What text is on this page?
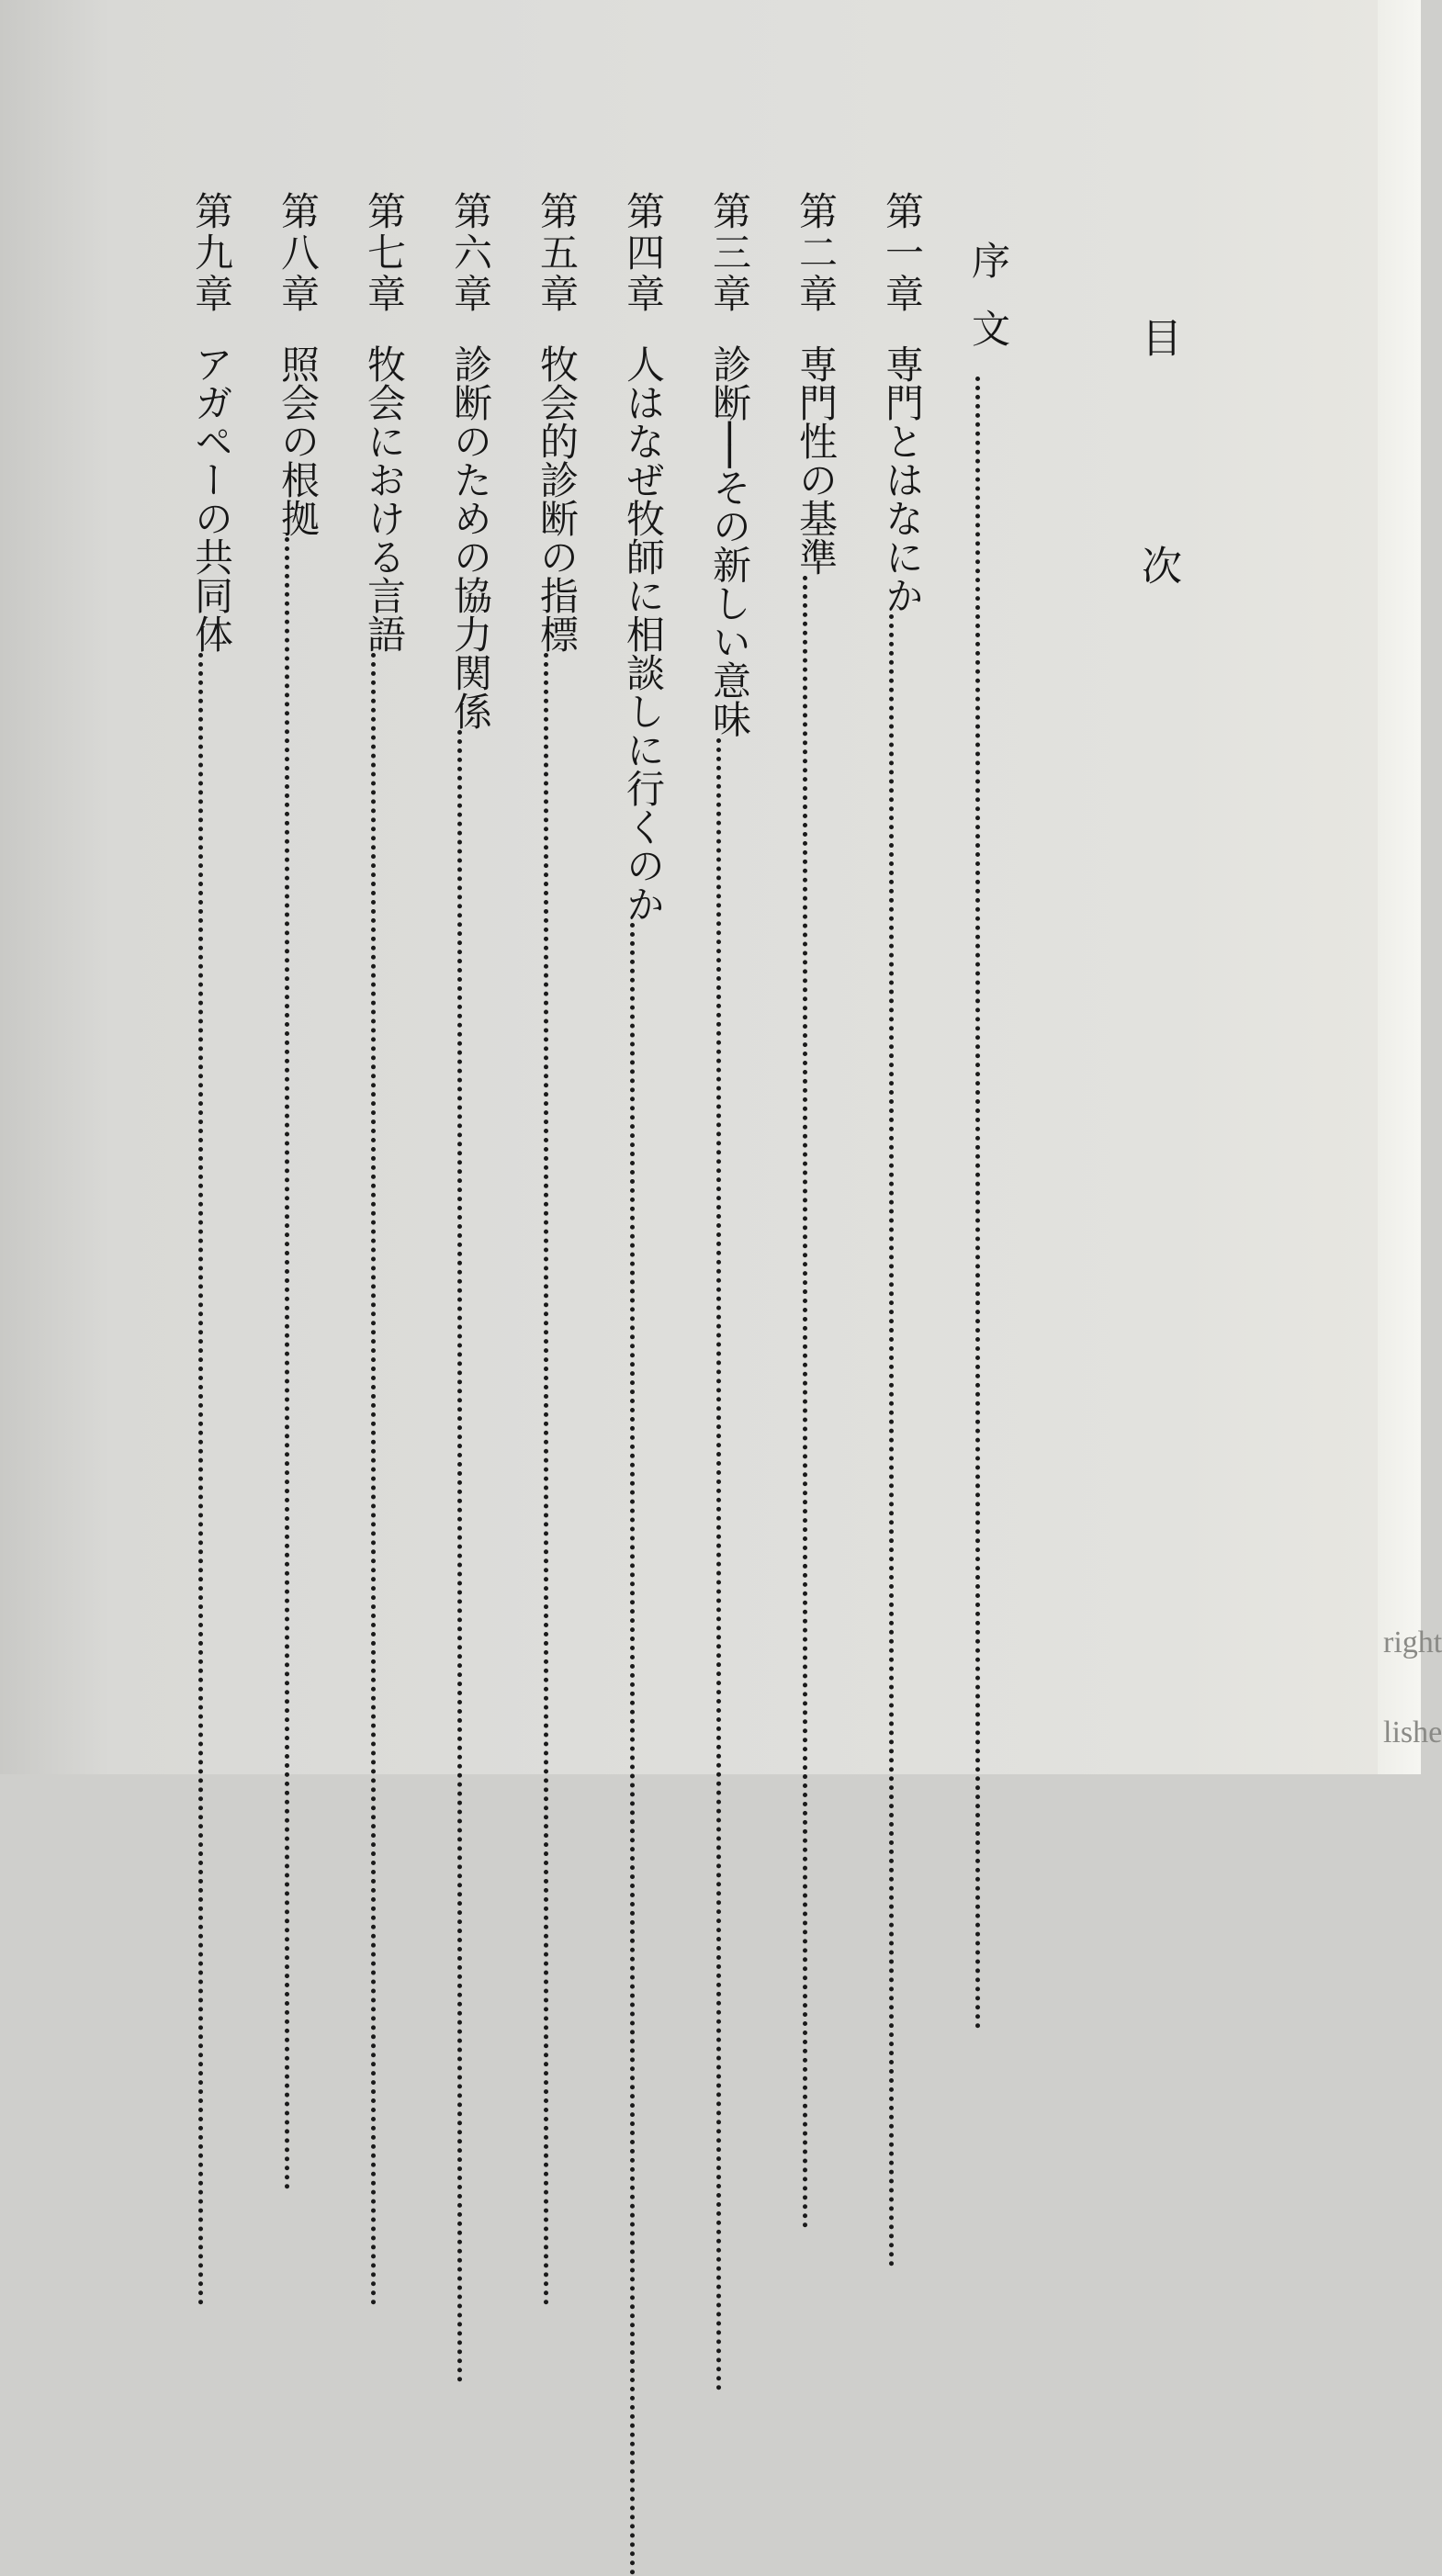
目　次
序文
第一章専門とはなにか
第二章専門性の基準
第三章診断──その新しい意味
第四章人はなぜ牧師に相談しに行くのか
第五章牧会的診断の指標
第六章診断のための協力関係
第七章牧会における言語
第八章照会の根拠
第九章アガペーの共同体
right
lishe
